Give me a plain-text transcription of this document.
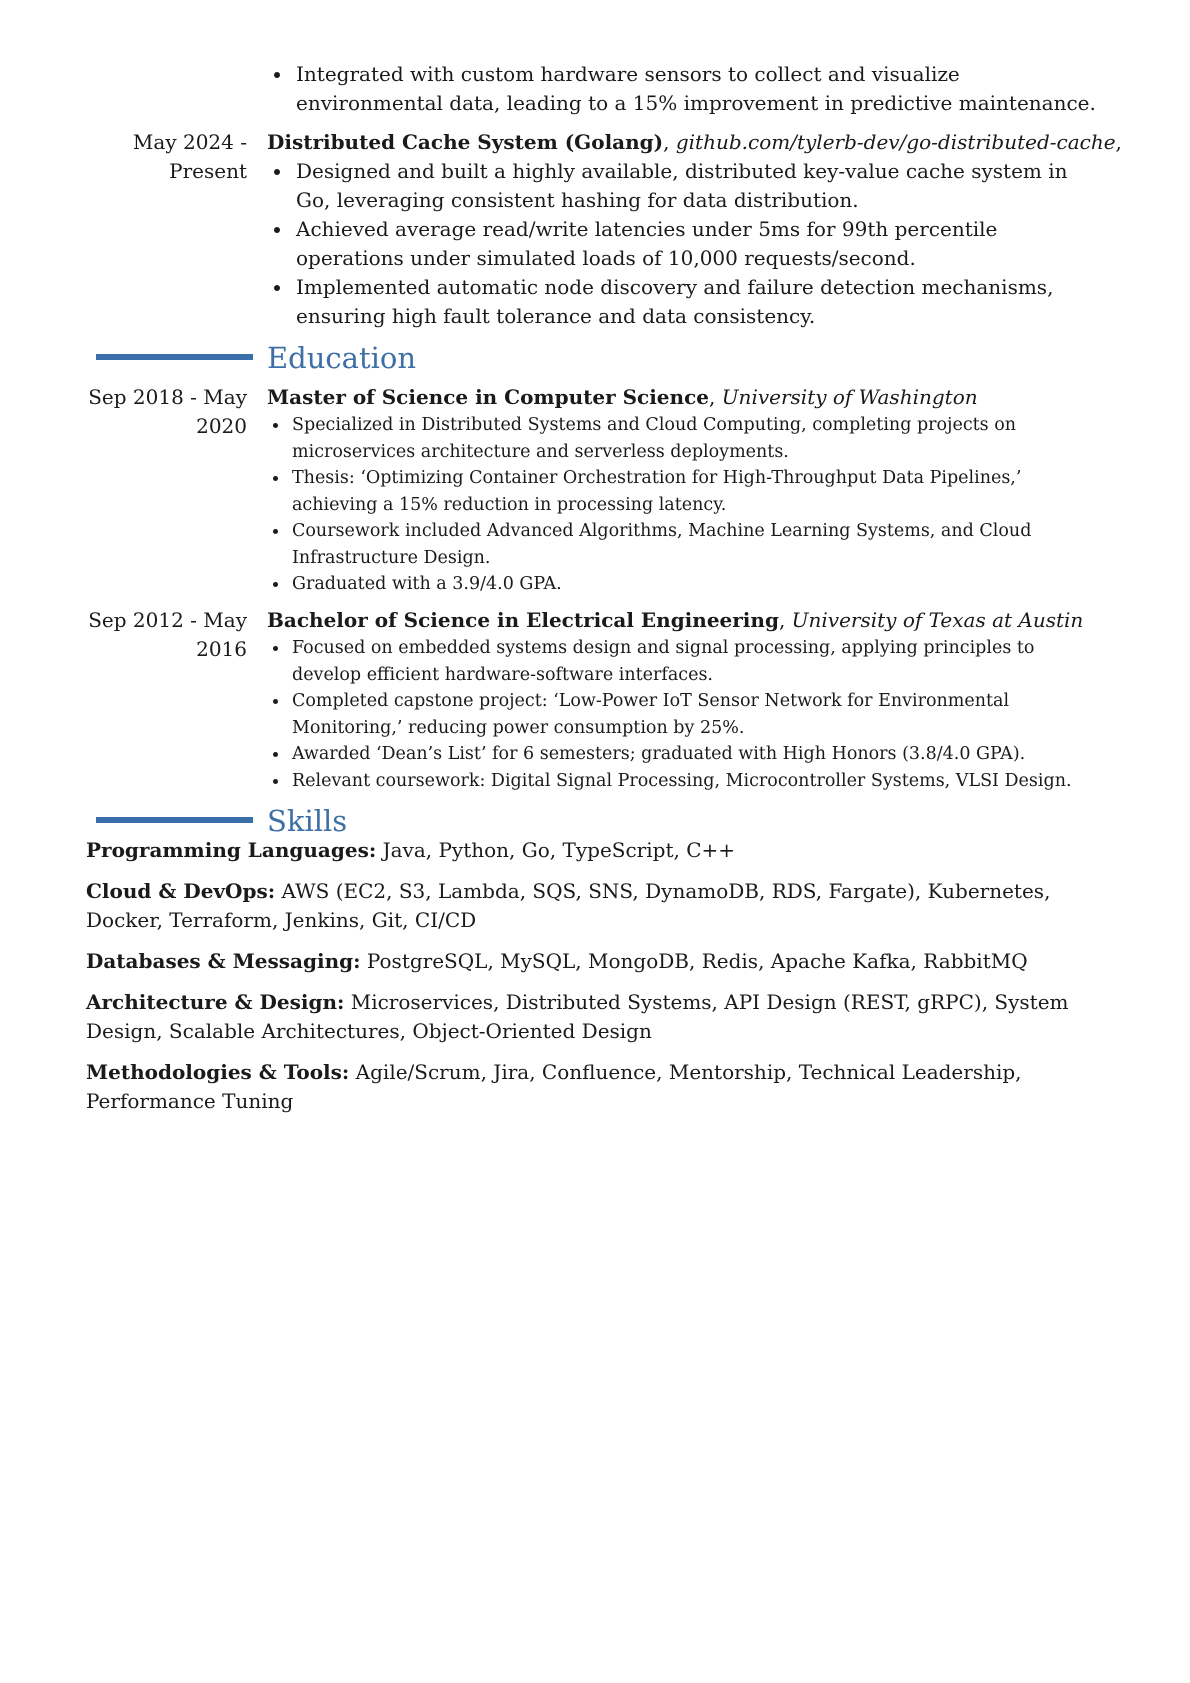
Integrated with custom hardware sensors to collect and visualize environmental data, leading to a 15% improvement in predictive maintenance.
May 2024 -
Present
Distributed Cache System (Golang), github.com/tylerb-dev/go-distributed-cache,
Designed and built a highly available, distributed key-value cache system in Go, leveraging consistent hashing for data distribution.
Achieved average read/write latencies under 5ms for 99th percentile operations under simulated loads of 10,000 requests/second.
Implemented automatic node discovery and failure detection mechanisms, ensuring high fault tolerance and data consistency.
Education
Sep 2018 - May
2020
Master of Science in Computer Science, University of Washington
Specialized in Distributed Systems and Cloud Computing, completing projects on microservices architecture and serverless deployments.
Thesis: ‘Optimizing Container Orchestration for High-Throughput Data Pipelines,’ achieving a 15% reduction in processing latency.
Coursework included Advanced Algorithms, Machine Learning Systems, and Cloud Infrastructure Design.
Graduated with a 3.9/4.0 GPA.
Sep 2012 - May
2016
Bachelor of Science in Electrical Engineering, University of Texas at Austin
Focused on embedded systems design and signal processing, applying principles to develop efficient hardware-software interfaces.
Completed capstone project: ‘Low-Power IoT Sensor Network for Environmental Monitoring,’ reducing power consumption by 25%.
Awarded ‘Dean’s List’ for 6 semesters; graduated with High Honors (3.8/4.0 GPA).
Relevant coursework: Digital Signal Processing, Microcontroller Systems, VLSI Design.
Skills
Programming Languages: Java, Python, Go, TypeScript, C++
Cloud & DevOps: AWS (EC2, S3, Lambda, SQS, SNS, DynamoDB, RDS, Fargate), Kubernetes, Docker, Terraform, Jenkins, Git, CI/CD
Databases & Messaging: PostgreSQL, MySQL, MongoDB, Redis, Apache Kafka, RabbitMQ
Architecture & Design: Microservices, Distributed Systems, API Design (REST, gRPC), System Design, Scalable Architectures, Object-Oriented Design
Methodologies & Tools: Agile/Scrum, Jira, Confluence, Mentorship, Technical Leadership, Performance Tuning
